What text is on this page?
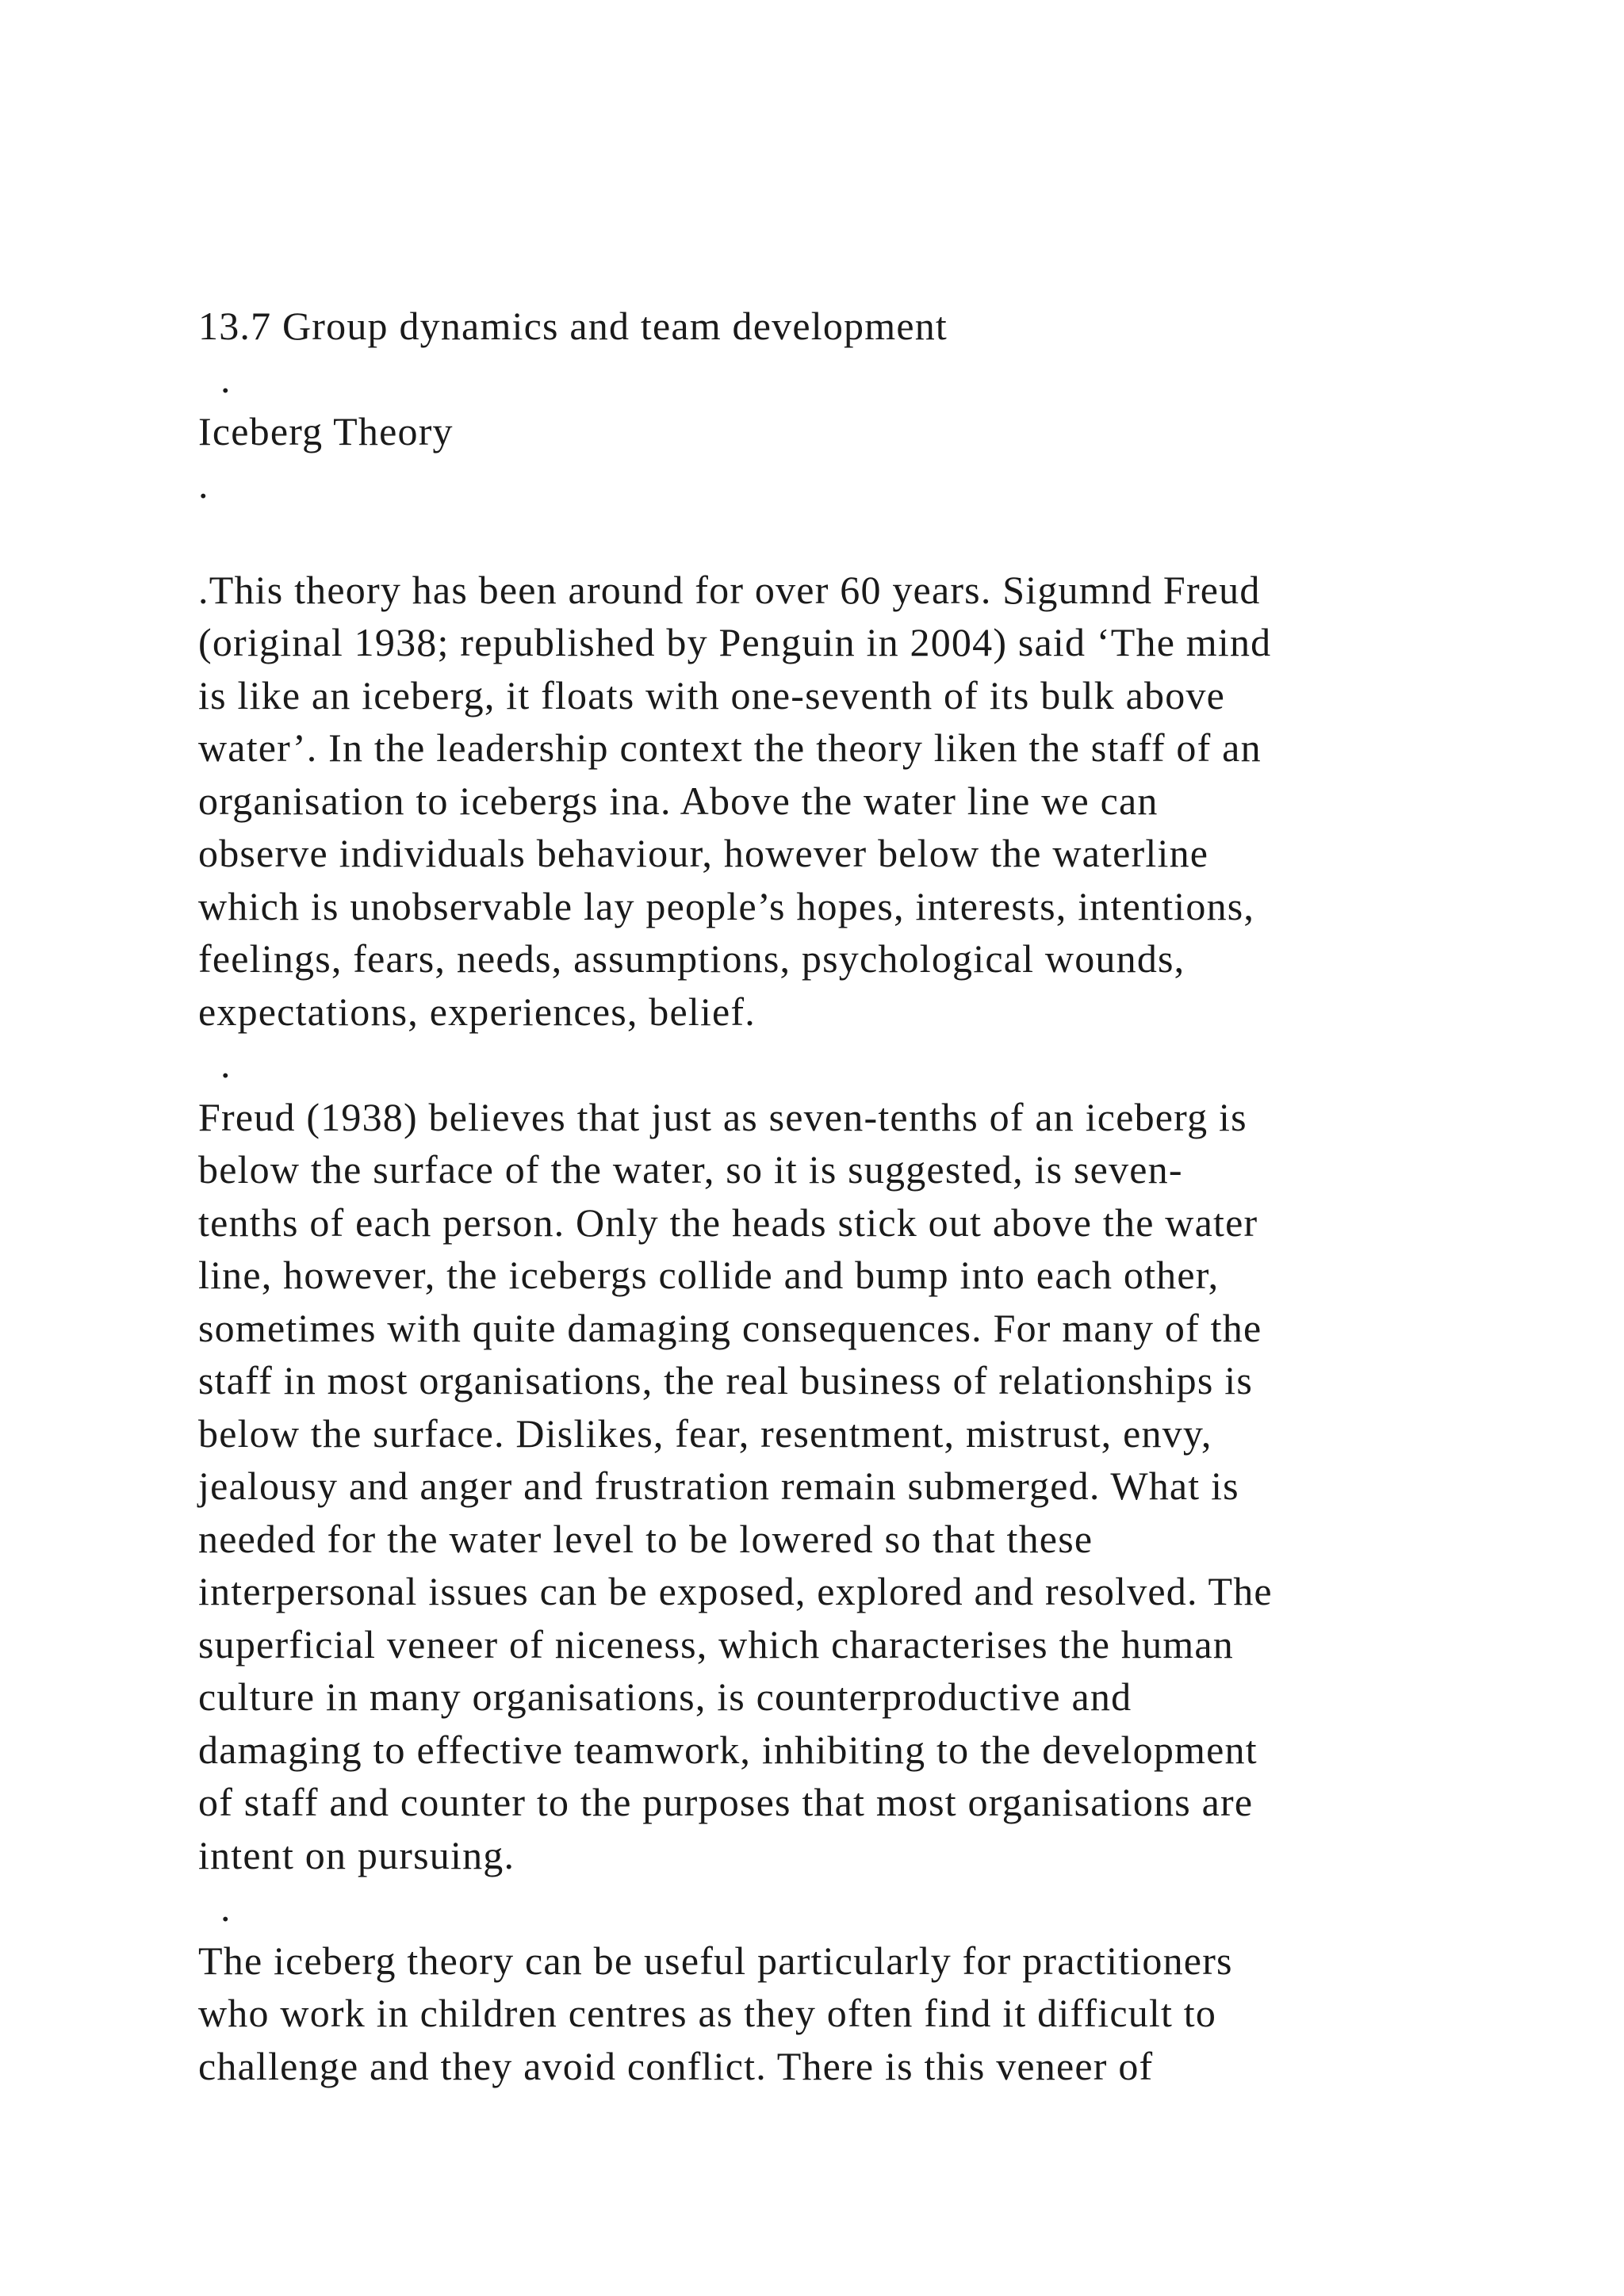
13.7 Group dynamics and team development
.
Iceberg Theory
.
.This theory has been around for over 60 years. Sigumnd Freud
(original 1938; republished by Penguin in 2004) said ‘The mind
is like an iceberg, it floats with one-seventh of its bulk above
water’. In the leadership context the theory liken the staff of an
organisation to icebergs ina. Above the water line we can
observe individuals behaviour, however below the waterline
which is unobservable lay people’s hopes, interests, intentions,
feelings, fears, needs, assumptions, psychological wounds,
expectations, experiences, belief.
.
Freud (1938) believes that just as seven-tenths of an iceberg is
below the surface of the water, so it is suggested, is seven-
tenths of each person. Only the heads stick out above the water
line, however, the icebergs collide and bump into each other,
sometimes with quite damaging consequences. For many of the
staff in most organisations, the real business of relationships is
below the surface. Dislikes, fear, resentment, mistrust, envy,
jealousy and anger and frustration remain submerged. What is
needed for the water level to be lowered so that these
interpersonal issues can be exposed, explored and resolved. The
superficial veneer of niceness, which characterises the human
culture in many organisations, is counterproductive and
damaging to effective teamwork, inhibiting to the development
of staff and counter to the purposes that most organisations are
intent on pursuing.
.
The iceberg theory can be useful particularly for practitioners
who work in children centres as they often find it difficult to
challenge and they avoid conflict. There is this veneer of
